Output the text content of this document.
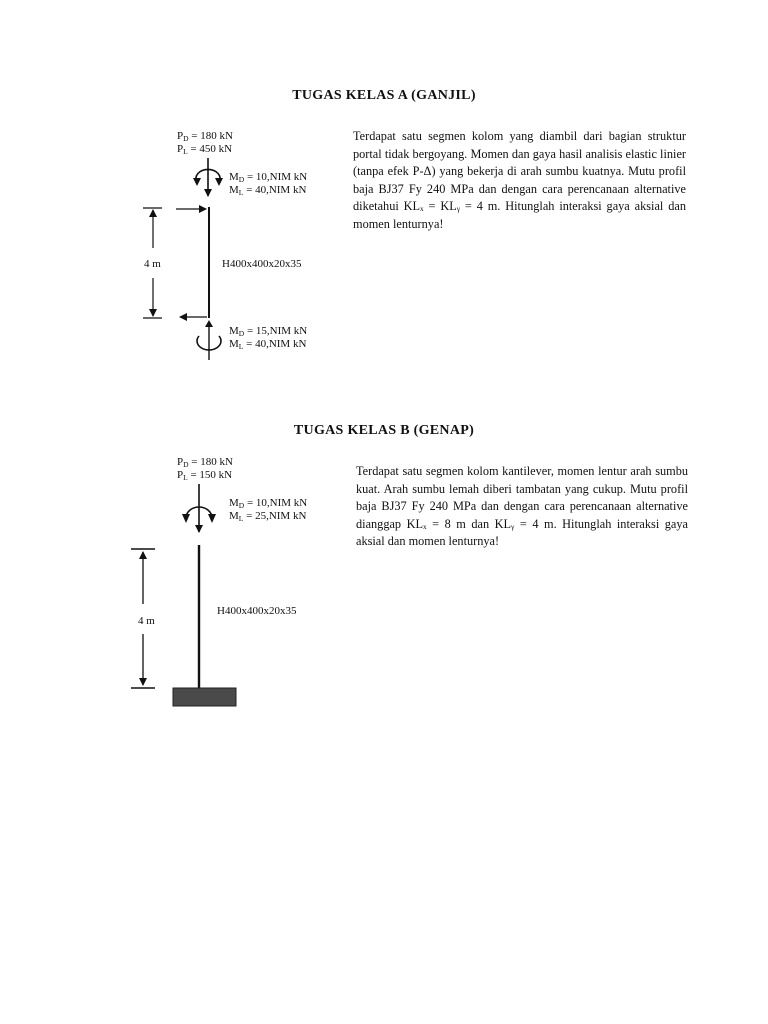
TUGAS KELAS A (GANJIL)
PD = 180 kN
PL = 450 kN
MD = 10,NIM kN
ML = 40,NIM kN
4 m	H400x400x20x35
MD = 15,NIM kN
ML = 40,NIM kN

Terdapat satu segmen kolom yang diambil dari bagian struktur portal tidak bergoyang. Momen dan gaya hasil analisis elastic linier (tanpa efek P-Δ) yang bekerja di arah sumbu kuatnya. Mutu profil baja BJ37 Fy 240 MPa dan dengan cara perencanaan alternative diketahui KLₓ = KLᵧ = 4 m. Hitunglah interaksi gaya aksial dan momen lenturnya!

TUGAS KELAS B (GENAP)
PD = 180 kN
PL = 150 kN
MD = 10,NIM kN
ML = 25,NIM kN
4 m
H400x400x20x35

Terdapat satu segmen kolom kantilever, momen lentur arah sumbu kuat. Arah sumbu lemah diberi tambatan yang cukup. Mutu profil baja BJ37 Fy 240 MPa dan dengan cara perencanaan alternative dianggap KLₓ = 8 m dan KLᵧ = 4 m. Hitunglah interaksi gaya aksial dan momen lenturnya!
